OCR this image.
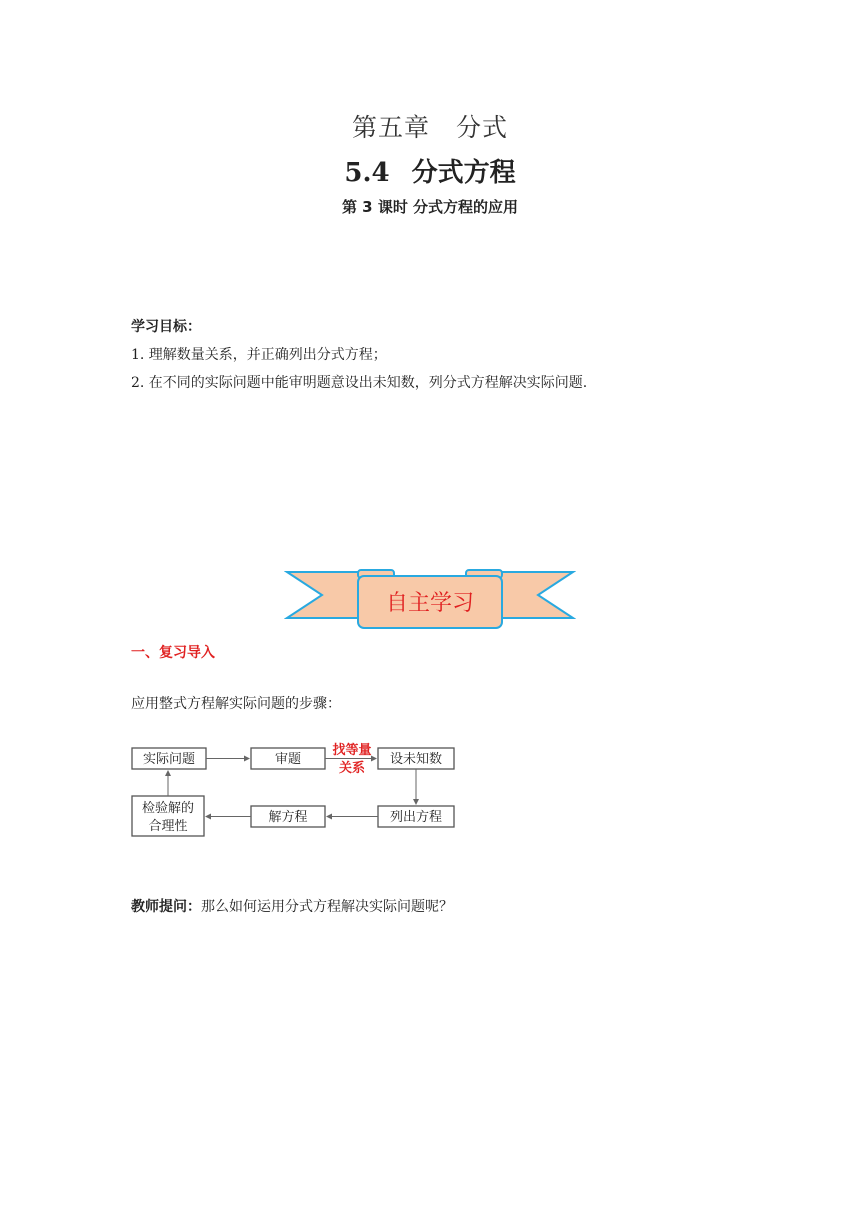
第五章　分式
5.4 分式方程
第 3 课时 分式方程的应用
学习目标：
1. 理解数量关系，并正确列出分式方程；
2. 在不同的实际问题中能审明题意设出未知数，列分式方程解决实际问题.
自主学习
一、复习导入
应用整式方程解实际问题的步骤：
实际问题	审题	设未知数
检验解的
合理性
解方程	列出方程
找等量
关系
教师提问：那么如何运用分式方程解决实际问题呢？
